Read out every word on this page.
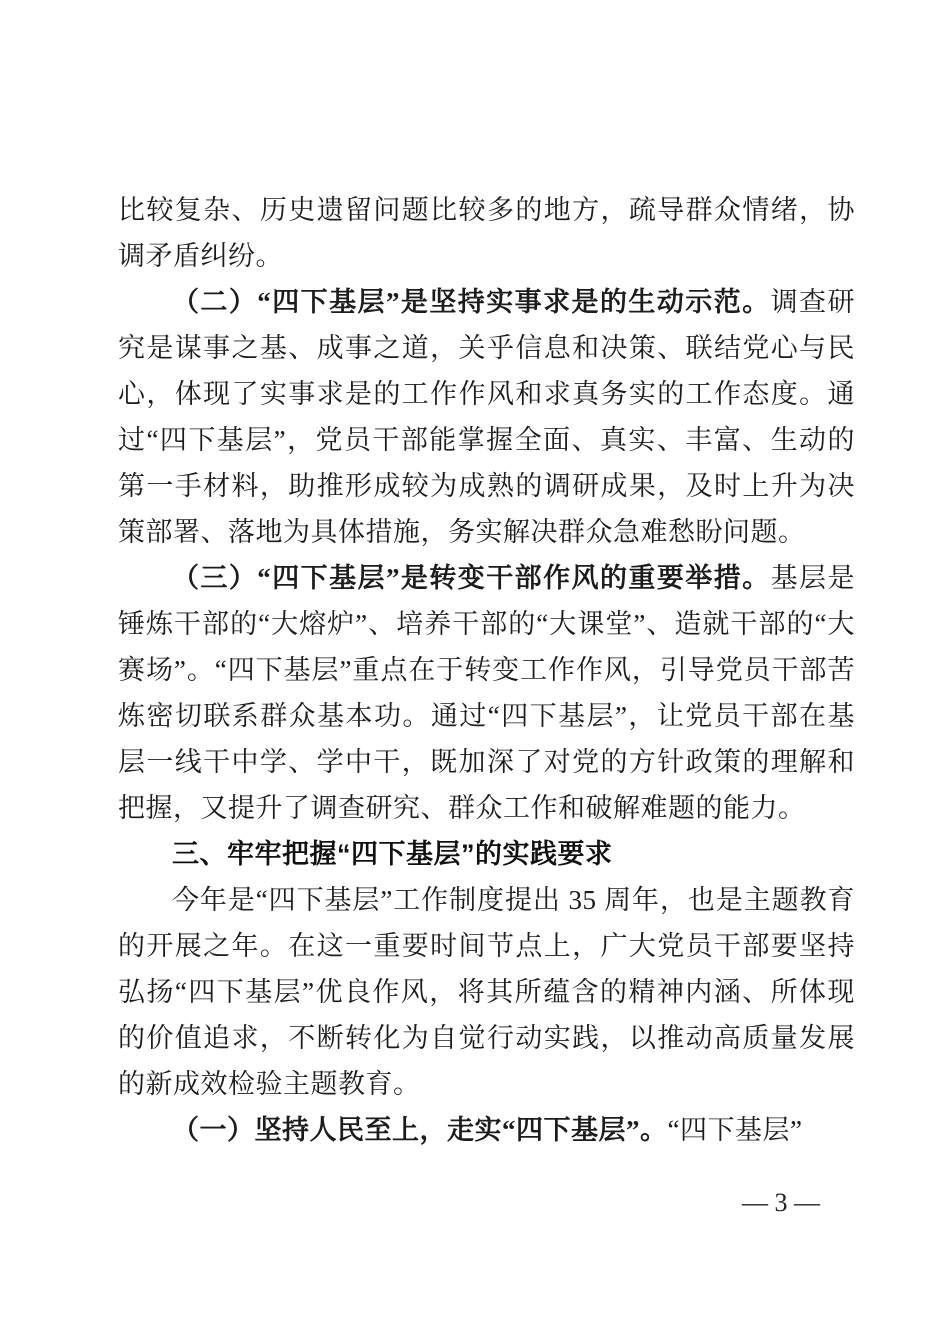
比较复杂、历史遗留问题比较多的地方，疏导群众情绪，协调矛盾纠纷。

（二）“四下基层”是坚持实事求是的生动示范。调查研究是谋事之基、成事之道，关乎信息和决策、联结党心与民心，体现了实事求是的工作作风和求真务实的工作态度。通过“四下基层”，党员干部能掌握全面、真实、丰富、生动的第一手材料，助推形成较为成熟的调研成果，及时上升为决策部署、落地为具体措施，务实解决群众急难愁盼问题。

（三）“四下基层”是转变干部作风的重要举措。基层是锤炼干部的“大熔炉”、培养干部的“大课堂”、造就干部的“大赛场”。“四下基层”重点在于转变工作作风，引导党员干部苦炼密切联系群众基本功。通过“四下基层”，让党员干部在基层一线干中学、学中干，既加深了对党的方针政策的理解和把握，又提升了调查研究、群众工作和破解难题的能力。

三、牢牢把握“四下基层”的实践要求

今年是“四下基层”工作制度提出 35 周年，也是主题教育的开展之年。在这一重要时间节点上，广大党员干部要坚持弘扬“四下基层”优良作风，将其所蕴含的精神内涵、所体现的价值追求，不断转化为自觉行动实践，以推动高质量发展的新成效检验主题教育。

（一）坚持人民至上，走实“四下基层”。“四下基层”

— 3 —
